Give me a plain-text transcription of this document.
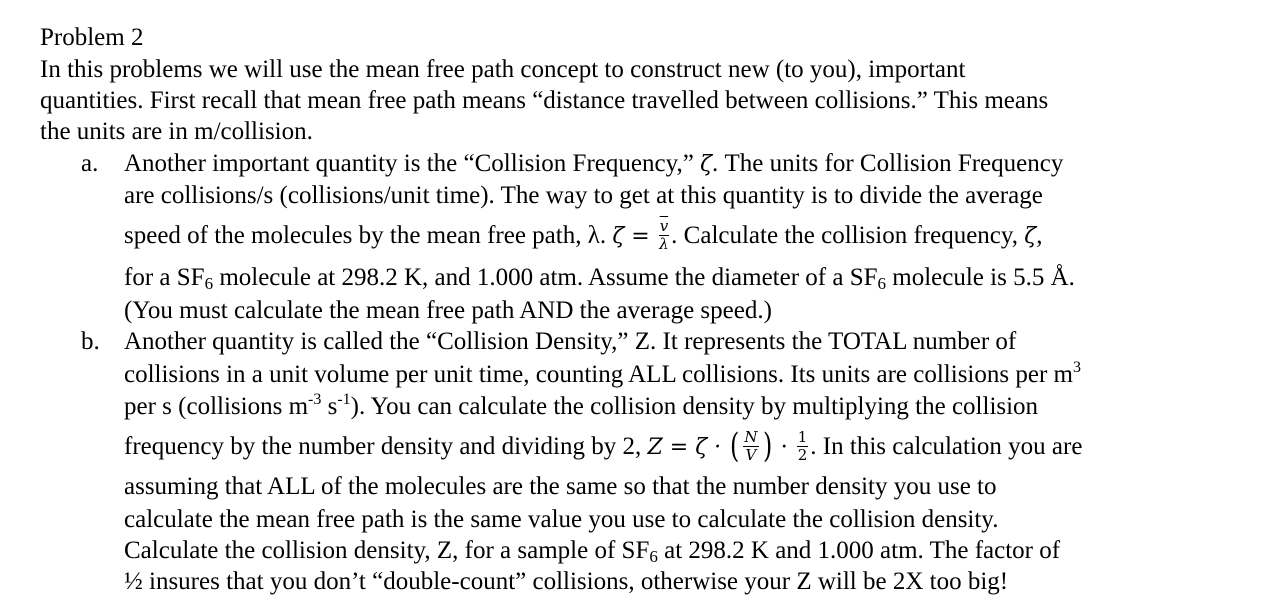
Problem 2
In this problems we will use the mean free path concept to construct new (to you), important
quantities. First recall that mean free path means “distance travelled between collisions.” This means
the units are in m/collision.
a. Another important quantity is the “Collision Frequency,” ζ. The units for Collision Frequency
are collisions/s (collisions/unit time). The way to get at this quantity is to divide the average
speed of the molecules by the mean free path, λ. $\zeta = \frac{\overline{v}}{\lambda}$ . Calculate the collision frequency, ζ,
for a $SF_6$ molecule at 298.2 K, and 1.000 atm. Assume the diameter of a $SF_6$ molecule is 5.5 Å.
(You must calculate the mean free path AND the average speed.)
b. Another quantity is called the “Collision Density,” Z. It represents the TOTAL number of
collisions in a unit volume per unit time, counting ALL collisions. Its units are collisions per $m^3$
per s (collisions $m^{-3}$ $s^{-1}$). You can calculate the collision density by multiplying the collision
frequency by the number density and dividing by 2, Z = ζ · ( $\frac{N}{V}$ ) · $\frac{1}{2}$ . In this calculation you are
assuming that ALL of the molecules are the same so that the number density you use to
calculate the mean free path is the same value you use to calculate the collision density.
Calculate the collision density, Z, for a sample of $SF_6$ at 298.2 K and 1.000 atm. The factor of
½ insures that you don’t “double-count” collisions, otherwise your Z will be 2X too big!
